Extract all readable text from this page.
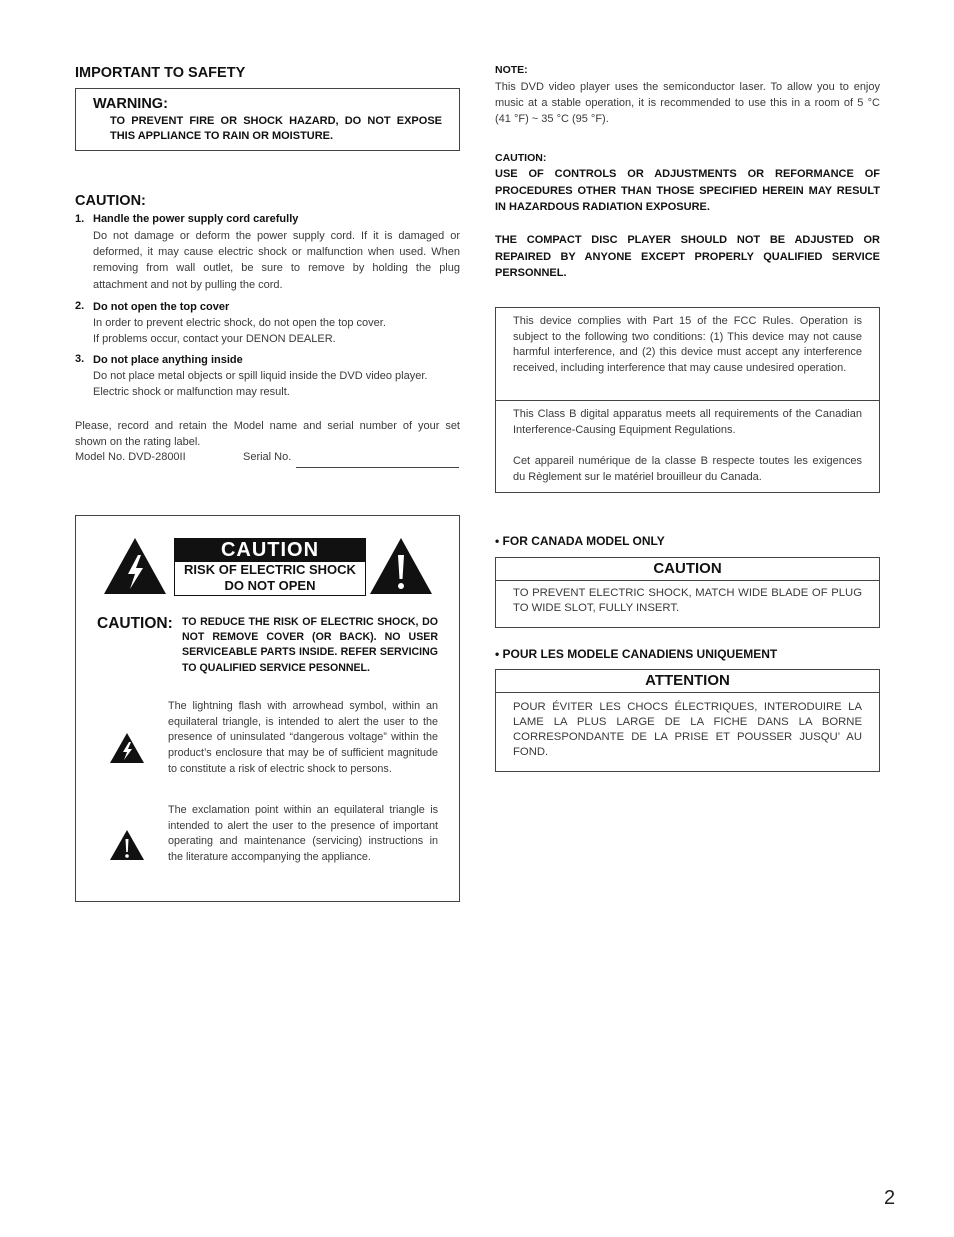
IMPORTANT TO SAFETY
WARNING:
TO PREVENT FIRE OR SHOCK HAZARD, DO NOT EXPOSE THIS APPLIANCE TO RAIN OR MOISTURE.
CAUTION:
1. Handle the power supply cord carefully
Do not damage or deform the power supply cord. If it is damaged or deformed, it may cause electric shock or malfunction when used. When removing from wall outlet, be sure to remove by holding the plug attachment and not by pulling the cord.
2. Do not open the top cover
In order to prevent electric shock, do not open the top cover.
If problems occur, contact your DENON DEALER.
3. Do not place anything inside
Do not place metal objects or spill liquid inside the DVD video player.
Electric shock or malfunction may result.
Please, record and retain the Model name and serial number of your set shown on the rating label.
Model No. DVD-2800II	Serial No.
CAUTION
RISK OF ELECTRIC SHOCK
DO NOT OPEN
CAUTION: TO REDUCE THE RISK OF ELECTRIC SHOCK, DO NOT REMOVE COVER (OR BACK). NO USER SERVICEABLE PARTS INSIDE. REFER SERVICING TO QUALIFIED SERVICE PESONNEL.
The lightning flash with arrowhead symbol, within an equilateral triangle, is intended to alert the user to the presence of uninsulated “dangerous voltage” within the product’s enclosure that may be of sufficient magnitude to constitute a risk of electric shock to persons.
The exclamation point within an equilateral triangle is intended to alert the user to the presence of important operating and maintenance (servicing) instructions in the literature accompanying the appliance.
NOTE:
This DVD video player uses the semiconductor laser. To allow you to enjoy music at a stable operation, it is recommended to use this in a room of 5 °C (41 °F) ~ 35 °C (95 °F).
CAUTION:
USE OF CONTROLS OR ADJUSTMENTS OR REFORMANCE OF PROCEDURES OTHER THAN THOSE SPECIFIED HEREIN MAY RESULT IN HAZARDOUS RADIATION EXPOSURE.
THE COMPACT DISC PLAYER SHOULD NOT BE ADJUSTED OR REPAIRED BY ANYONE EXCEPT PROPERLY QUALIFIED SERVICE PERSONNEL.
This device complies with Part 15 of the FCC Rules. Operation is subject to the following two conditions: (1) This device may not cause harmful interference, and (2) this device must accept any interference received, including interference that may cause undesired operation.
This Class B digital apparatus meets all requirements of the Canadian Interference-Causing Equipment Regulations.
Cet appareil numérique de la classe B respecte toutes les exigences du Règlement sur le matériel brouilleur du Canada.
• FOR CANADA MODEL ONLY
CAUTION
TO PREVENT ELECTRIC SHOCK, MATCH WIDE BLADE OF PLUG TO WIDE SLOT, FULLY INSERT.
• POUR LES MODELE CANADIENS UNIQUEMENT
ATTENTION
POUR ÉVITER LES CHOCS ÉLECTRIQUES, INTERODUIRE LA LAME LA PLUS LARGE DE LA FICHE DANS LA BORNE CORRESPONDANTE DE LA PRISE ET POUSSER JUSQU’ AU FOND.
2
